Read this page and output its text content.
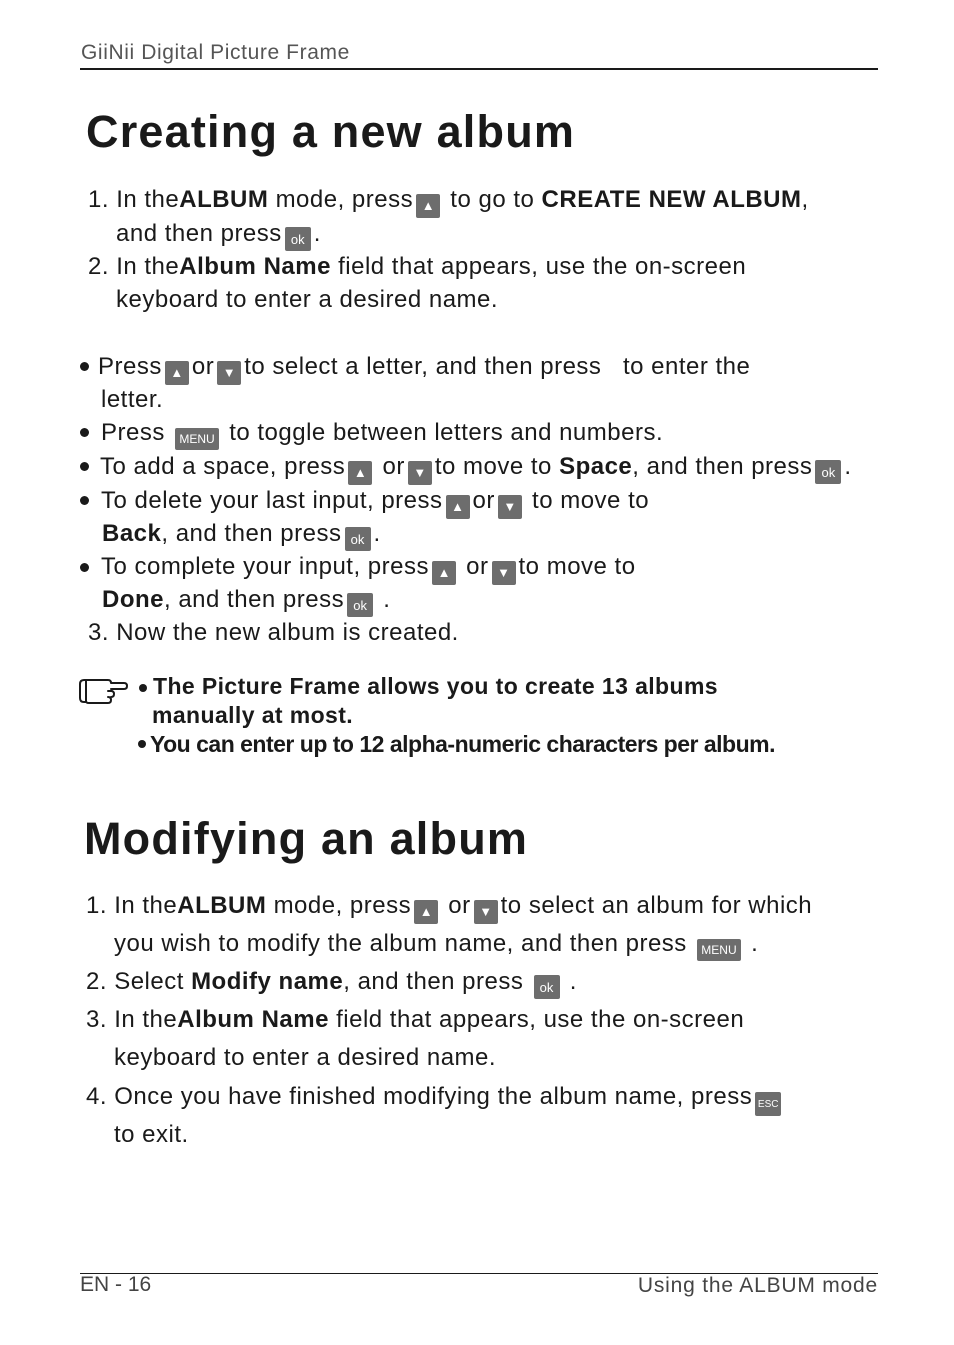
GiiNii Digital Picture Frame
Creating a new album
1. In theALBUM mode, press ▲ to go to CREATE NEW ALBUM,
and then press ok .
2. In theAlbum Name field that appears, use the on-screen
keyboard to enter a desired name.
Press ▲ or ▼ to select a letter, and then press to enter the
letter.
Press MENU to toggle between letters and numbers.
To add a space, press ▲ or ▼ to move to Space, and then press ok .
To delete your last input, press ▲ or ▼ to move to
Back, and then press ok .
To complete your input, press ▲ or ▼ to move to
Done, and then press ok .
3. Now the new album is created.
The Picture Frame allows you to create 13 albums
manually at most.
You can enter up to 12 alpha-numeric characters per album.
Modifying an album
1. In theALBUM mode, press ▲ or ▼ to select an album for which
you wish to modify the album name, and then press MENU .
2. Select Modify name, and then press ok .
3. In theAlbum Name field that appears, use the on-screen
keyboard to enter a desired name.
4. Once you have finished modifying the album name, press ESC
to exit.
EN - 16	Using the ALBUM mode
